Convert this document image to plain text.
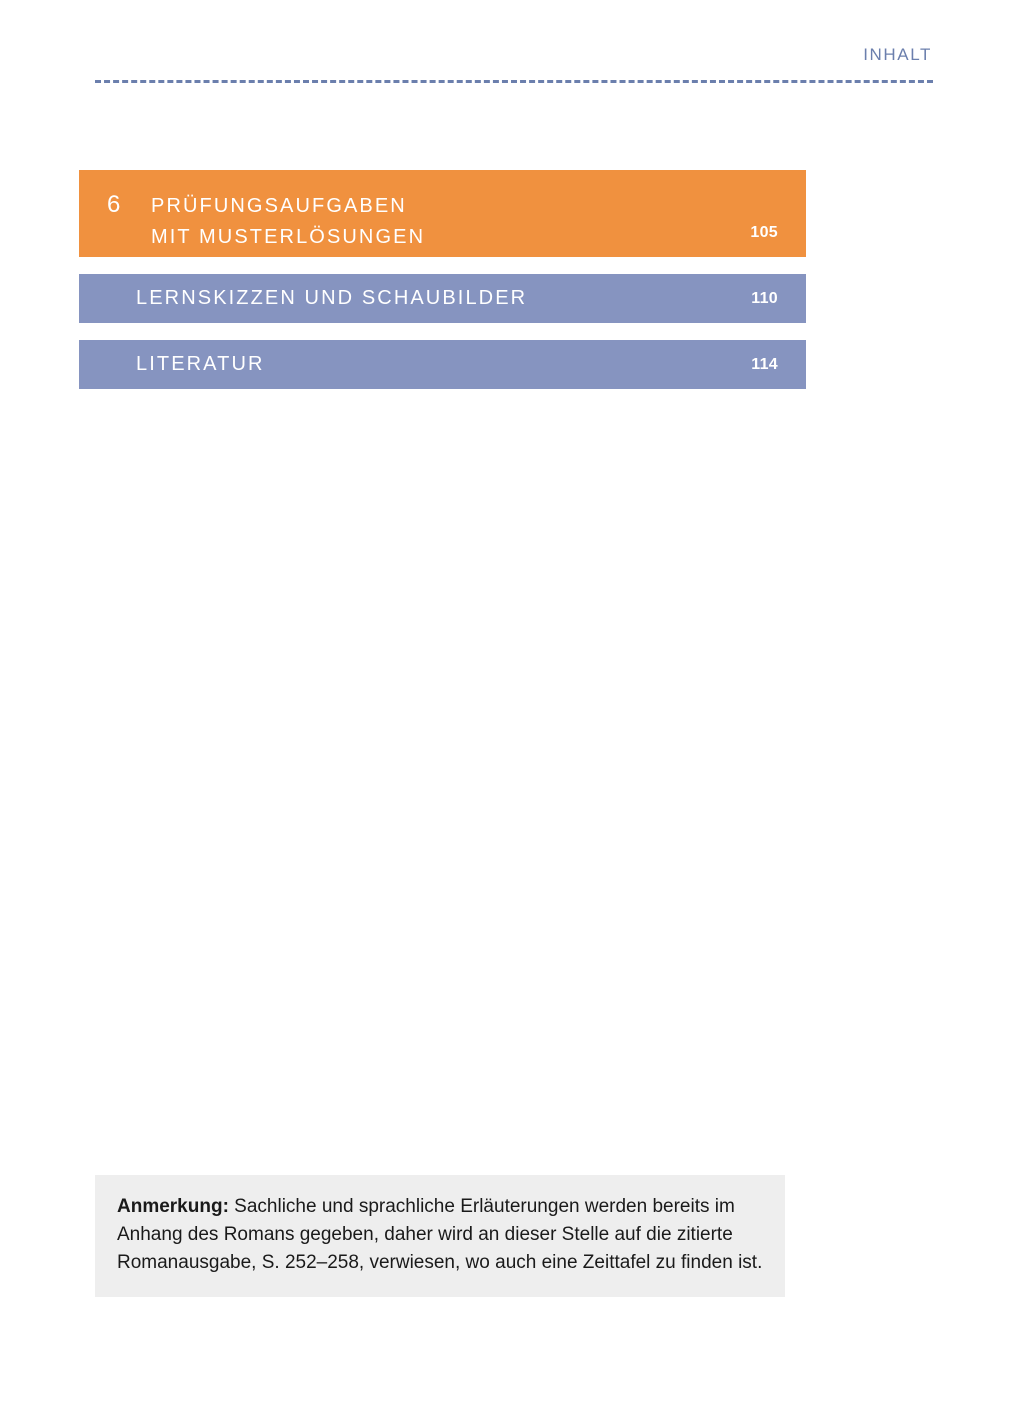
INHALT
6	PRÜFUNGSAUFGABEN
MIT MUSTERLÖSUNGEN	105
LERNSKIZZEN UND SCHAUBILDER	110
LITERATUR	114
Anmerkung: Sachliche und sprachliche Erläuterungen werden bereits im Anhang des Romans gegeben, daher wird an dieser Stelle auf die zitierte Romanausgabe, S. 252–258, verwiesen, wo auch eine Zeittafel zu finden ist.
